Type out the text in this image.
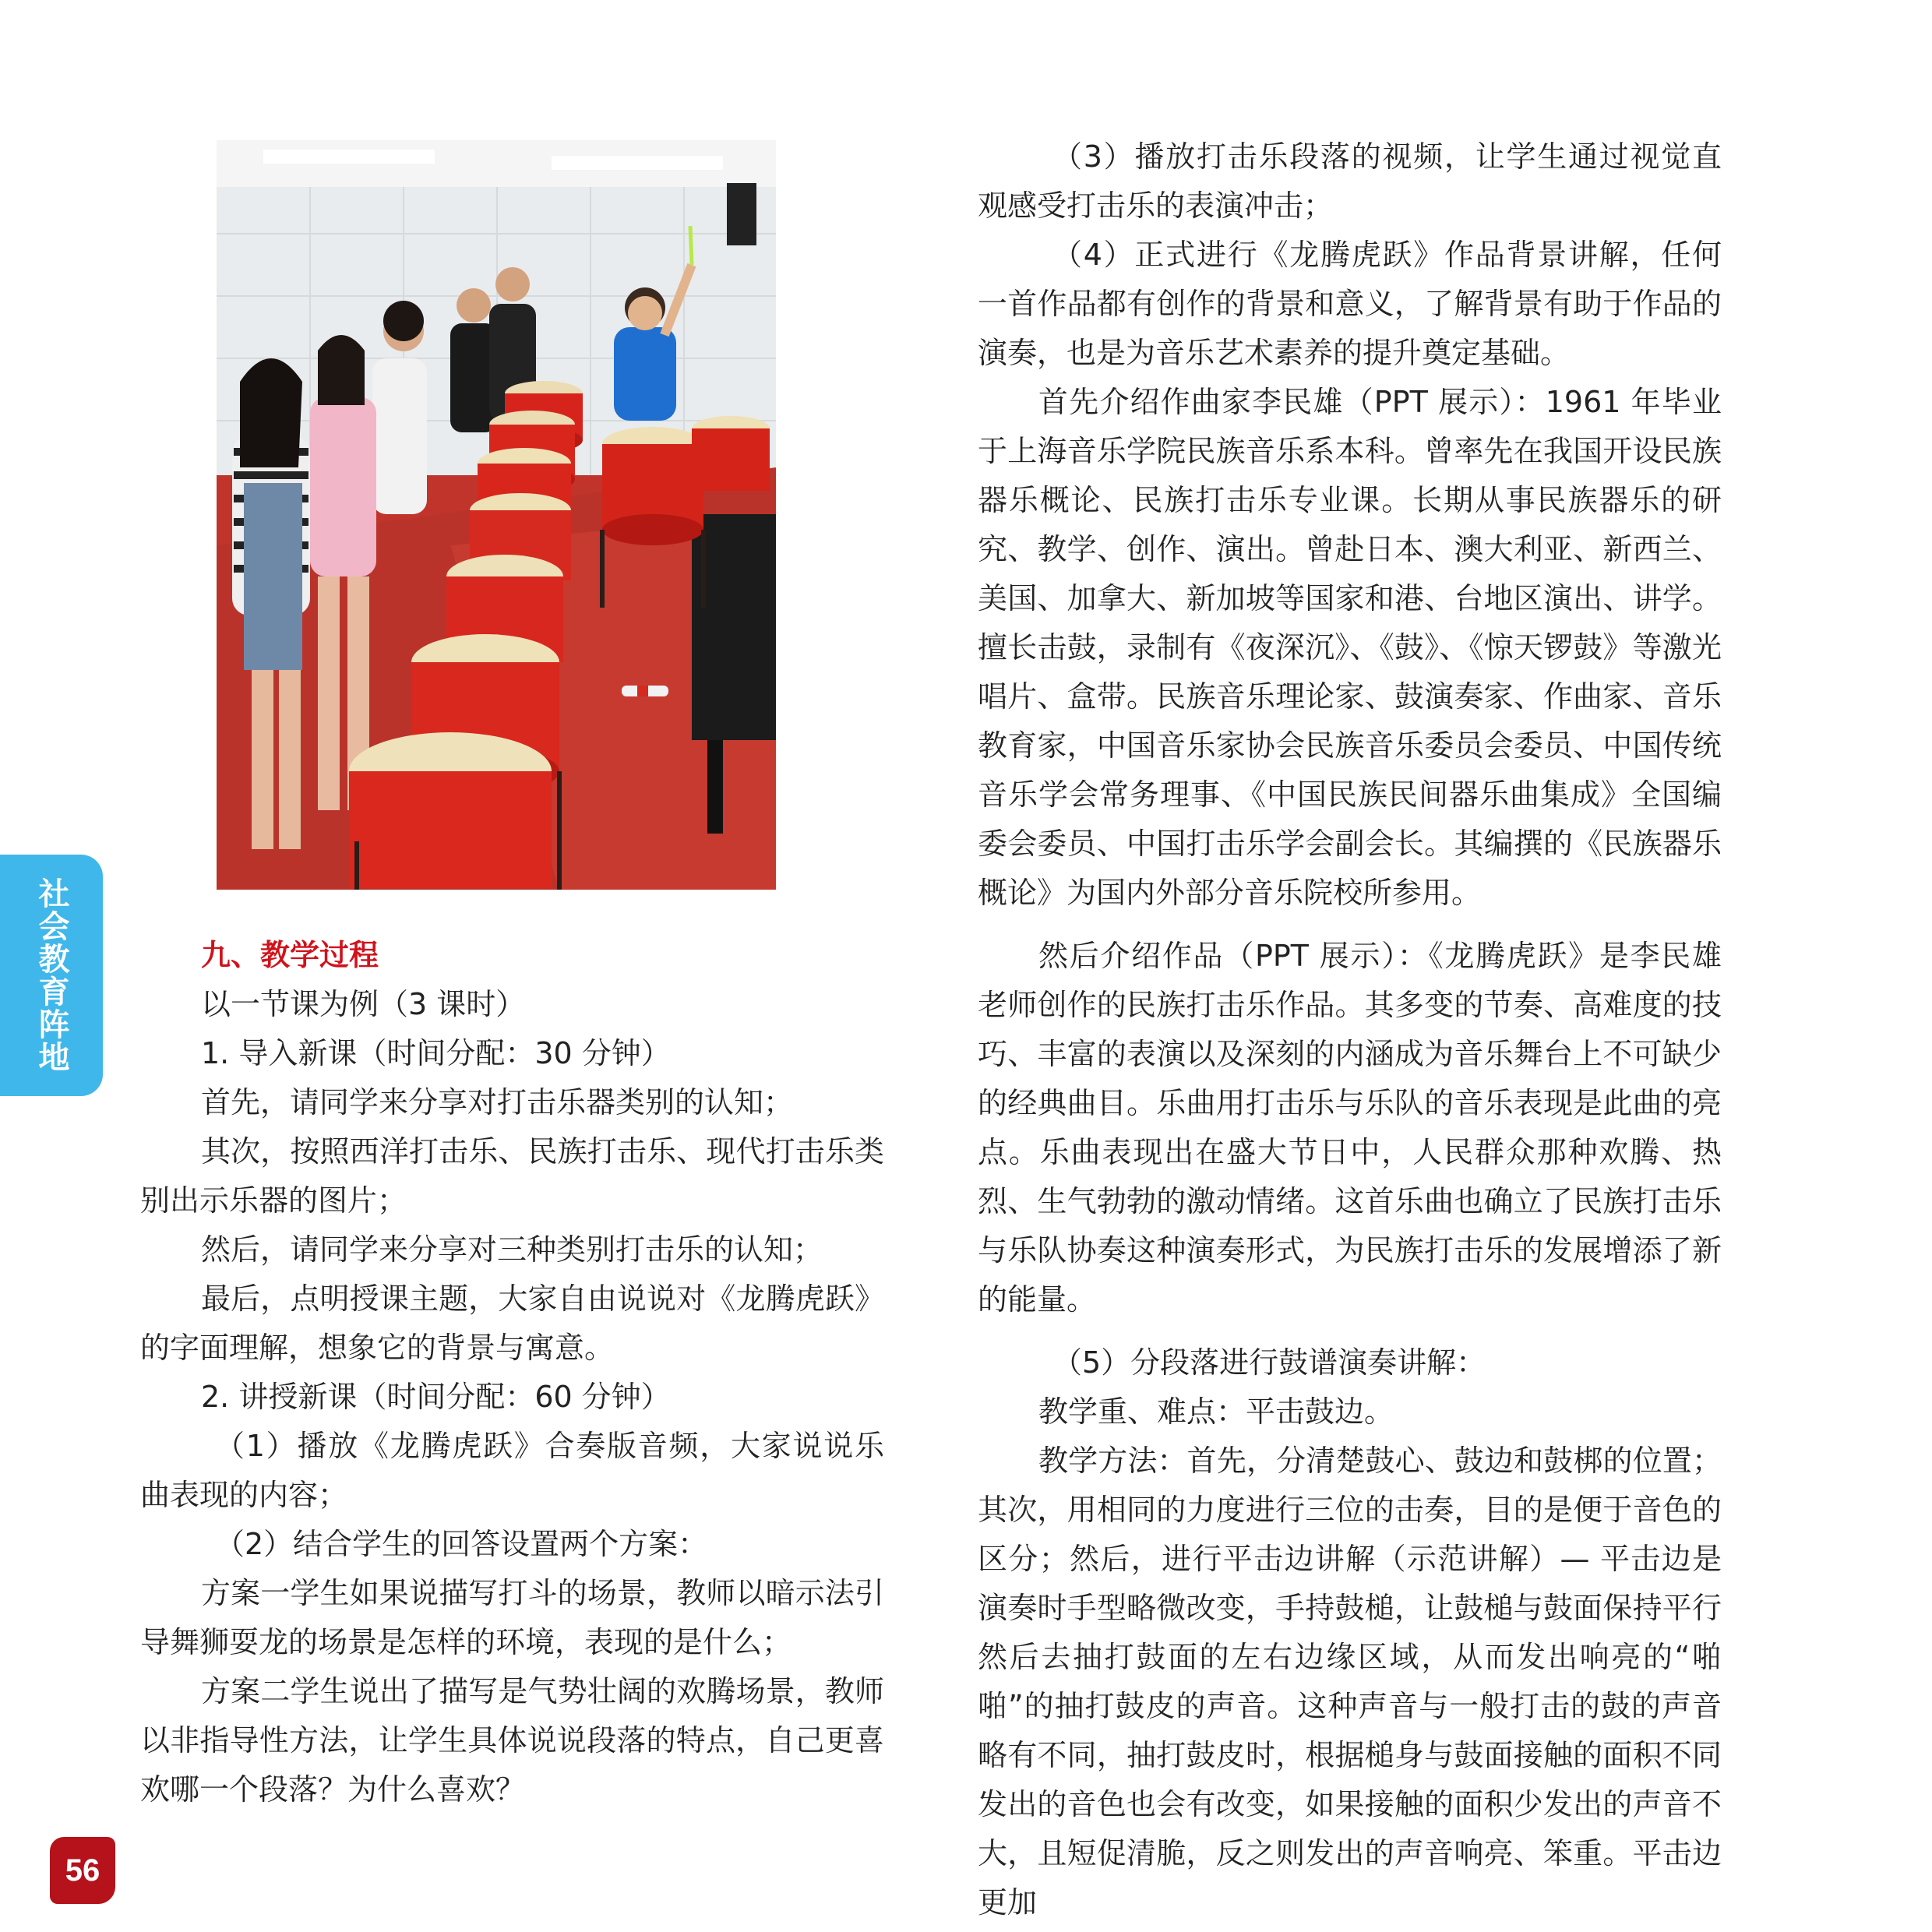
九、教学过程

以一节课为例（3 课时）

1. 导入新课（时间分配：30 分钟）

首先，请同学来分享对打击乐器类别的认知；

其次，按照西洋打击乐、民族打击乐、现代打击乐类别出示乐器的图片；

然后，请同学来分享对三种类别打击乐的认知；

最后，点明授课主题，大家自由说说对《龙腾虎跃》的字面理解，想象它的背景与寓意。

2. 讲授新课（时间分配：60 分钟）

（1）播放《龙腾虎跃》合奏版音频，大家说说乐曲表现的内容；

（2）结合学生的回答设置两个方案：

方案一学生如果说描写打斗的场景，教师以暗示法引导舞狮耍龙的场景是怎样的环境，表现的是什么；

方案二学生说出了描写是气势壮阔的欢腾场景，教师以非指导性方法，让学生具体说说段落的特点，自己更喜欢哪一个段落？为什么喜欢？

（3）播放打击乐段落的视频，让学生通过视觉直观感受打击乐的表演冲击；

（4）正式进行《龙腾虎跃》作品背景讲解，任何一首作品都有创作的背景和意义，了解背景有助于作品的演奏，也是为音乐艺术素养的提升奠定基础。

首先介绍作曲家李民雄（PPT 展示）：1961 年毕业于上海音乐学院民族音乐系本科。曾率先在我国开设民族器乐概论、民族打击乐专业课。长期从事民族器乐的研究、教学、创作、演出。曾赴日本、澳大利亚、新西兰、美国、加拿大、新加坡等国家和港、台地区演出、讲学。擅长击鼓，录制有《夜深沉》、《鼓》、《惊天锣鼓》等激光唱片、盒带。民族音乐理论家、鼓演奏家、作曲家、音乐教育家，中国音乐家协会民族音乐委员会委员、中国传统音乐学会常务理事、《中国民族民间器乐曲集成》全国编委会委员、中国打击乐学会副会长。其编撰的《民族器乐概论》为国内外部分音乐院校所参用。

然后介绍作品（PPT 展示）：《龙腾虎跃》是李民雄老师创作的民族打击乐作品。其多变的节奏、高难度的技巧、丰富的表演以及深刻的内涵成为音乐舞台上不可缺少的经典曲目。乐曲用打击乐与乐队的音乐表现是此曲的亮点。乐曲表现出在盛大节日中，人民群众那种欢腾、热烈、生气勃勃的激动情绪。这首乐曲也确立了民族打击乐与乐队协奏这种演奏形式，为民族打击乐的发展增添了新的能量。

（5）分段落进行鼓谱演奏讲解：

教学重、难点：平击鼓边。

教学方法：首先，分清楚鼓心、鼓边和鼓梆的位置；其次，用相同的力度进行三位的击奏，目的是便于音色的区分；然后，进行平击边讲解（示范讲解）— 平击边是演奏时手型略微改变，手持鼓槌，让鼓槌与鼓面保持平行然后去抽打鼓面的左右边缘区域，从而发出响亮的“啪啪”的抽打鼓皮的声音。这种声音与一般打击的鼓的声音略有不同，抽打鼓皮时，根据槌身与鼓面接触的面积不同发出的音色也会有改变，如果接触的面积少发出的声音不大，且短促清脆，反之则发出的声音响亮、笨重。平击边更加

社会教育阵地
56
